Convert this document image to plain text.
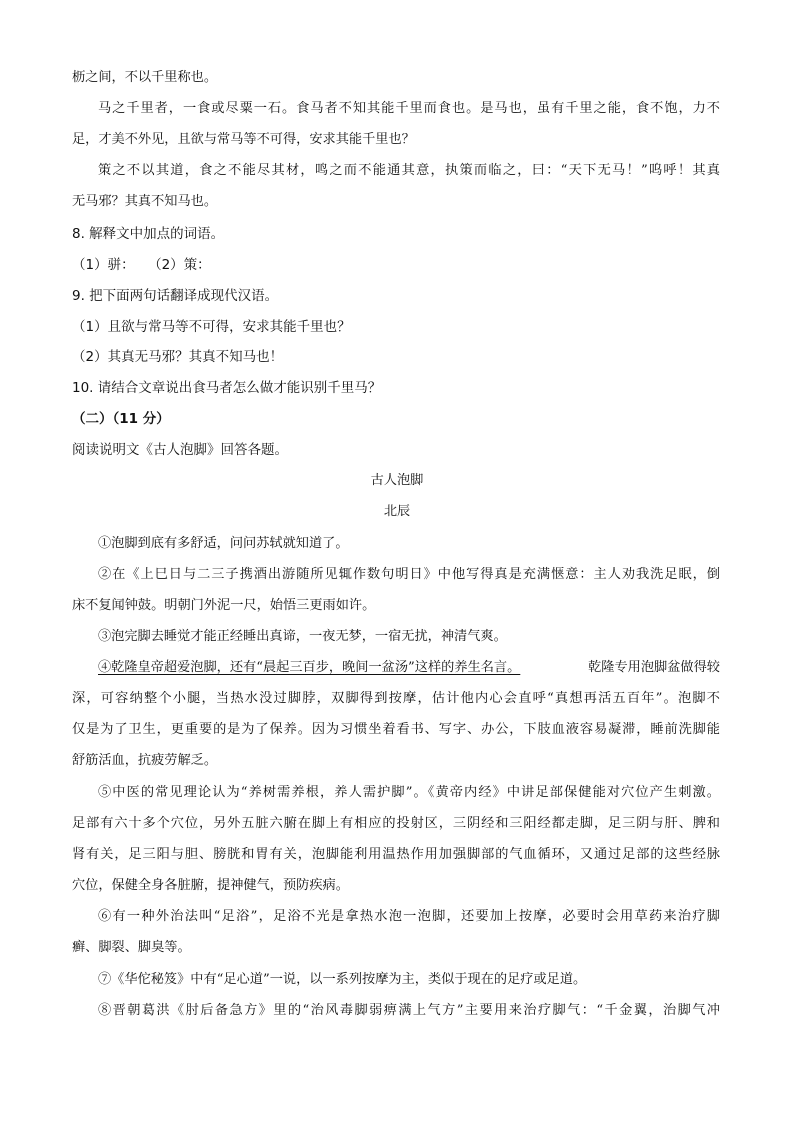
枥之间，不以千里称也。
马之千里者，一食或尽粟一石。食马者不知其能千里而食也。是马也，虽有千里之能，食不饱，力不
足，才美不外见，且欲与常马等不可得，安求其能千里也？
策之不以其道，食之不能尽其材，鸣之而不能通其意，执策而临之，曰：“天下无马！”呜呼！其真
无马邪？其真不知马也。
8. 解释文中加点的词语。
（1）骈：　　（2）策：
9. 把下面两句话翻译成现代汉语。
（1）且欲与常马等不可得，安求其能千里也？
（2）其真无马邪？其真不知马也！
10. 请结合文章说出食马者怎么做才能识别千里马？
（二）（11 分）
阅读说明文《古人泡脚》回答各题。
古人泡脚
北辰
①泡脚到底有多舒适，问问苏轼就知道了。
②在《上巳日与二三子携酒出游随所见辄作数句明日》中他写得真是充满惬意：主人劝我洗足眠，倒
床不复闻钟鼓。明朝门外泥一尺，始悟三更雨如许。
③泡完脚去睡觉才能正经睡出真谛，一夜无梦，一宿无扰，神清气爽。
④乾隆皇帝超爱泡脚，还有“晨起三百步，晚间一盆汤”这样的养生名言。	乾隆专用泡脚盆做得较
深，可容纳整个小腿，当热水没过脚脖，双脚得到按摩，估计他内心会直呼“真想再活五百年”。泡脚不
仅是为了卫生，更重要的是为了保养。因为习惯坐着看书、写字、办公，下肢血液容易凝滞，睡前洗脚能
舒筋活血，抗疲劳解乏。
⑤中医的常见理论认为“养树需养根，养人需护脚”。《黄帝内经》中讲足部保健能对穴位产生刺激。
足部有六十多个穴位，另外五脏六腑在脚上有相应的投射区，三阴经和三阳经都走脚，足三阴与肝、脾和
肾有关，足三阳与胆、膀胱和胃有关，泡脚能利用温热作用加强脚部的气血循环，又通过足部的这些经脉
穴位，保健全身各脏腑，提神健气，预防疾病。
⑥有一种外治法叫“足浴”，足浴不光是拿热水泡一泡脚，还要加上按摩，必要时会用草药来治疗脚
癣、脚裂、脚臭等。
⑦《华佗秘笈》中有“足心道”一说，以一系列按摩为主，类似于现在的足疗或足道。
⑧晋朝葛洪《肘后备急方》里的“治风毒脚弱痹满上气方”主要用来治疗脚气：“千金翼，治脚气冲
